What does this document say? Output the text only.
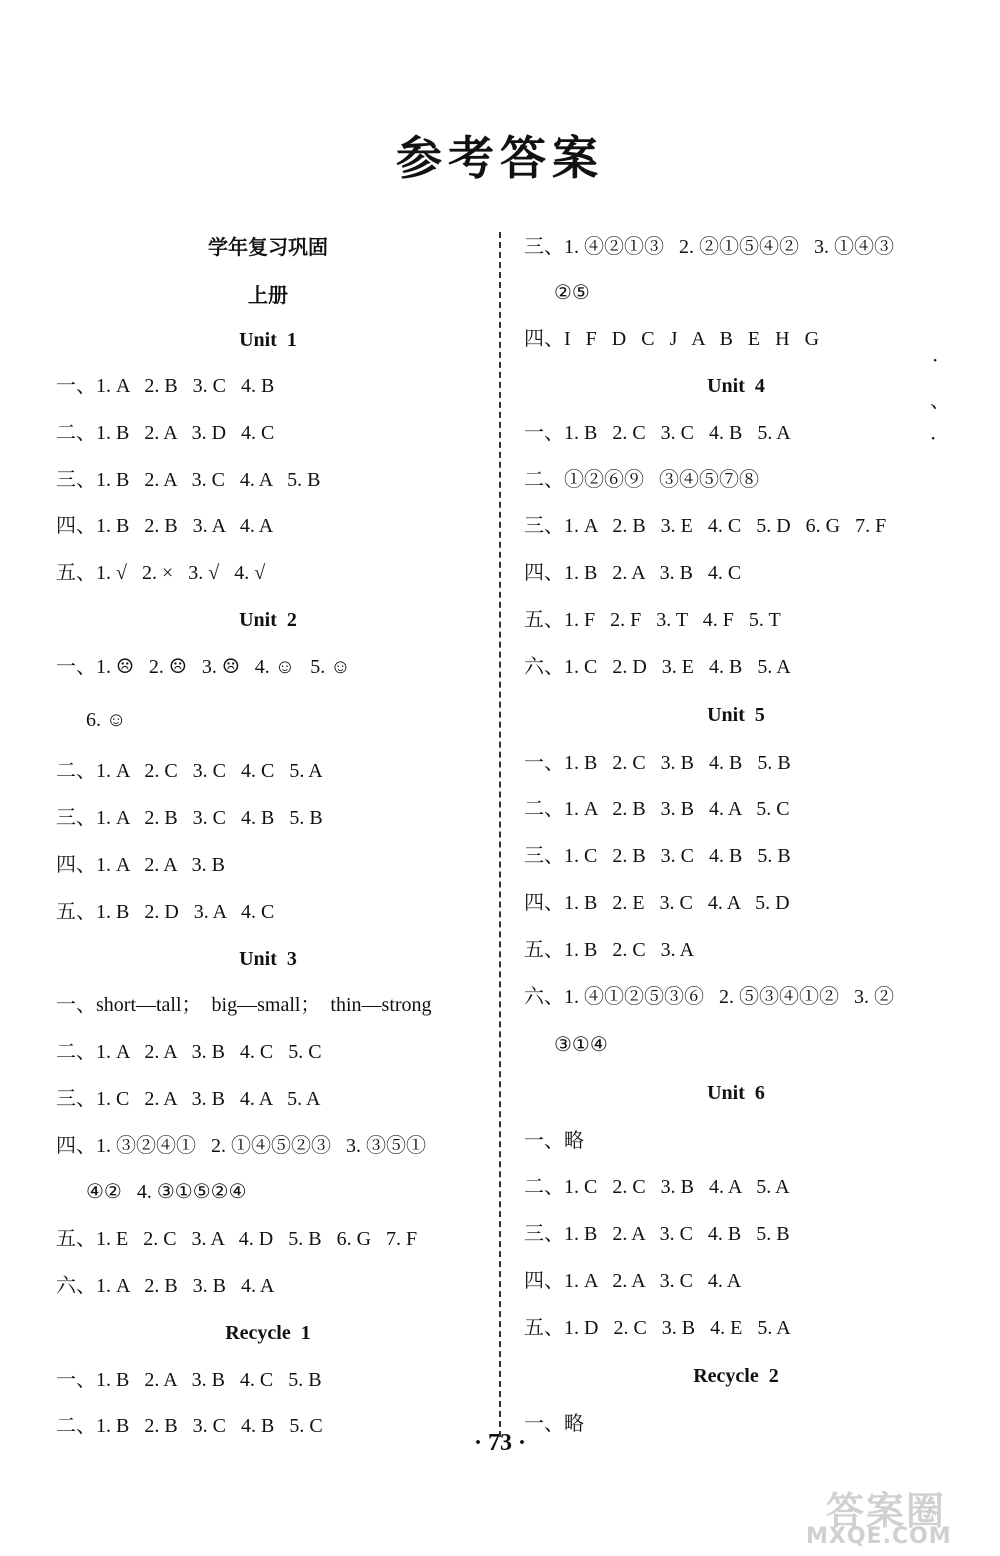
参考答案
学年复习巩固
上册
Unit  1
一、1. A   2. B   3. C   4. B
二、1. B   2. A   3. D   4. C
三、1. B   2. A   3. C   4. A   5. B
四、1. B   2. B   3. A   4. A
五、1. √   2. ×   3. √   4. √
Unit  2
一、1. ☹   2. ☹   3. ☹   4. ☺   5. ☺
6. ☺
二、1. A   2. C   3. C   4. C   5. A
三、1. A   2. B   3. C   4. B   5. B
四、1. A   2. A   3. B
五、1. B   2. D   3. A   4. C
Unit  3
一、short—tall；  big—small；  thin—strong
二、1. A   2. A   3. B   4. C   5. C
三、1. C   2. A   3. B   4. A   5. A
四、1. ③②④①   2. ①④⑤②③   3. ③⑤①
④②   4. ③①⑤②④
五、1. E   2. C   3. A   4. D   5. B   6. G   7. F
六、1. A   2. B   3. B   4. A
Recycle  1
一、1. B   2. A   3. B   4. C   5. B
二、1. B   2. B   3. C   4. B   5. C
三、1. ④②①③   2. ②①⑤④②   3. ①④③
②⑤
四、I   F   D   C   J   A   B   E   H   G
Unit  4
一、1. B   2. C   3. C   4. B   5. A
二、①②⑥⑨   ③④⑤⑦⑧
三、1. A   2. B   3. E   4. C   5. D   6. G   7. F
四、1. B   2. A   3. B   4. C
五、1. F   2. F   3. T   4. F   5. T
六、1. C   2. D   3. E   4. B   5. A
Unit  5
一、1. B   2. C   3. B   4. B   5. B
二、1. A   2. B   3. B   4. A   5. C
三、1. C   2. B   3. C   4. B   5. B
四、1. B   2. E   3. C   4. A   5. D
五、1. B   2. C   3. A
六、1. ④①②⑤③⑥   2. ⑤③④①②   3. ②
③①④
Unit  6
一、略
二、1. C   2. C   3. B   4. A   5. A
三、1. B   2. A   3. C   4. B   5. B
四、1. A   2. A   3. C   4. A
五、1. D   2. C   3. B   4. E   5. A
Recycle  2
一、略
·
、
·
· 73 ·
答案圈
MXQE.COM
